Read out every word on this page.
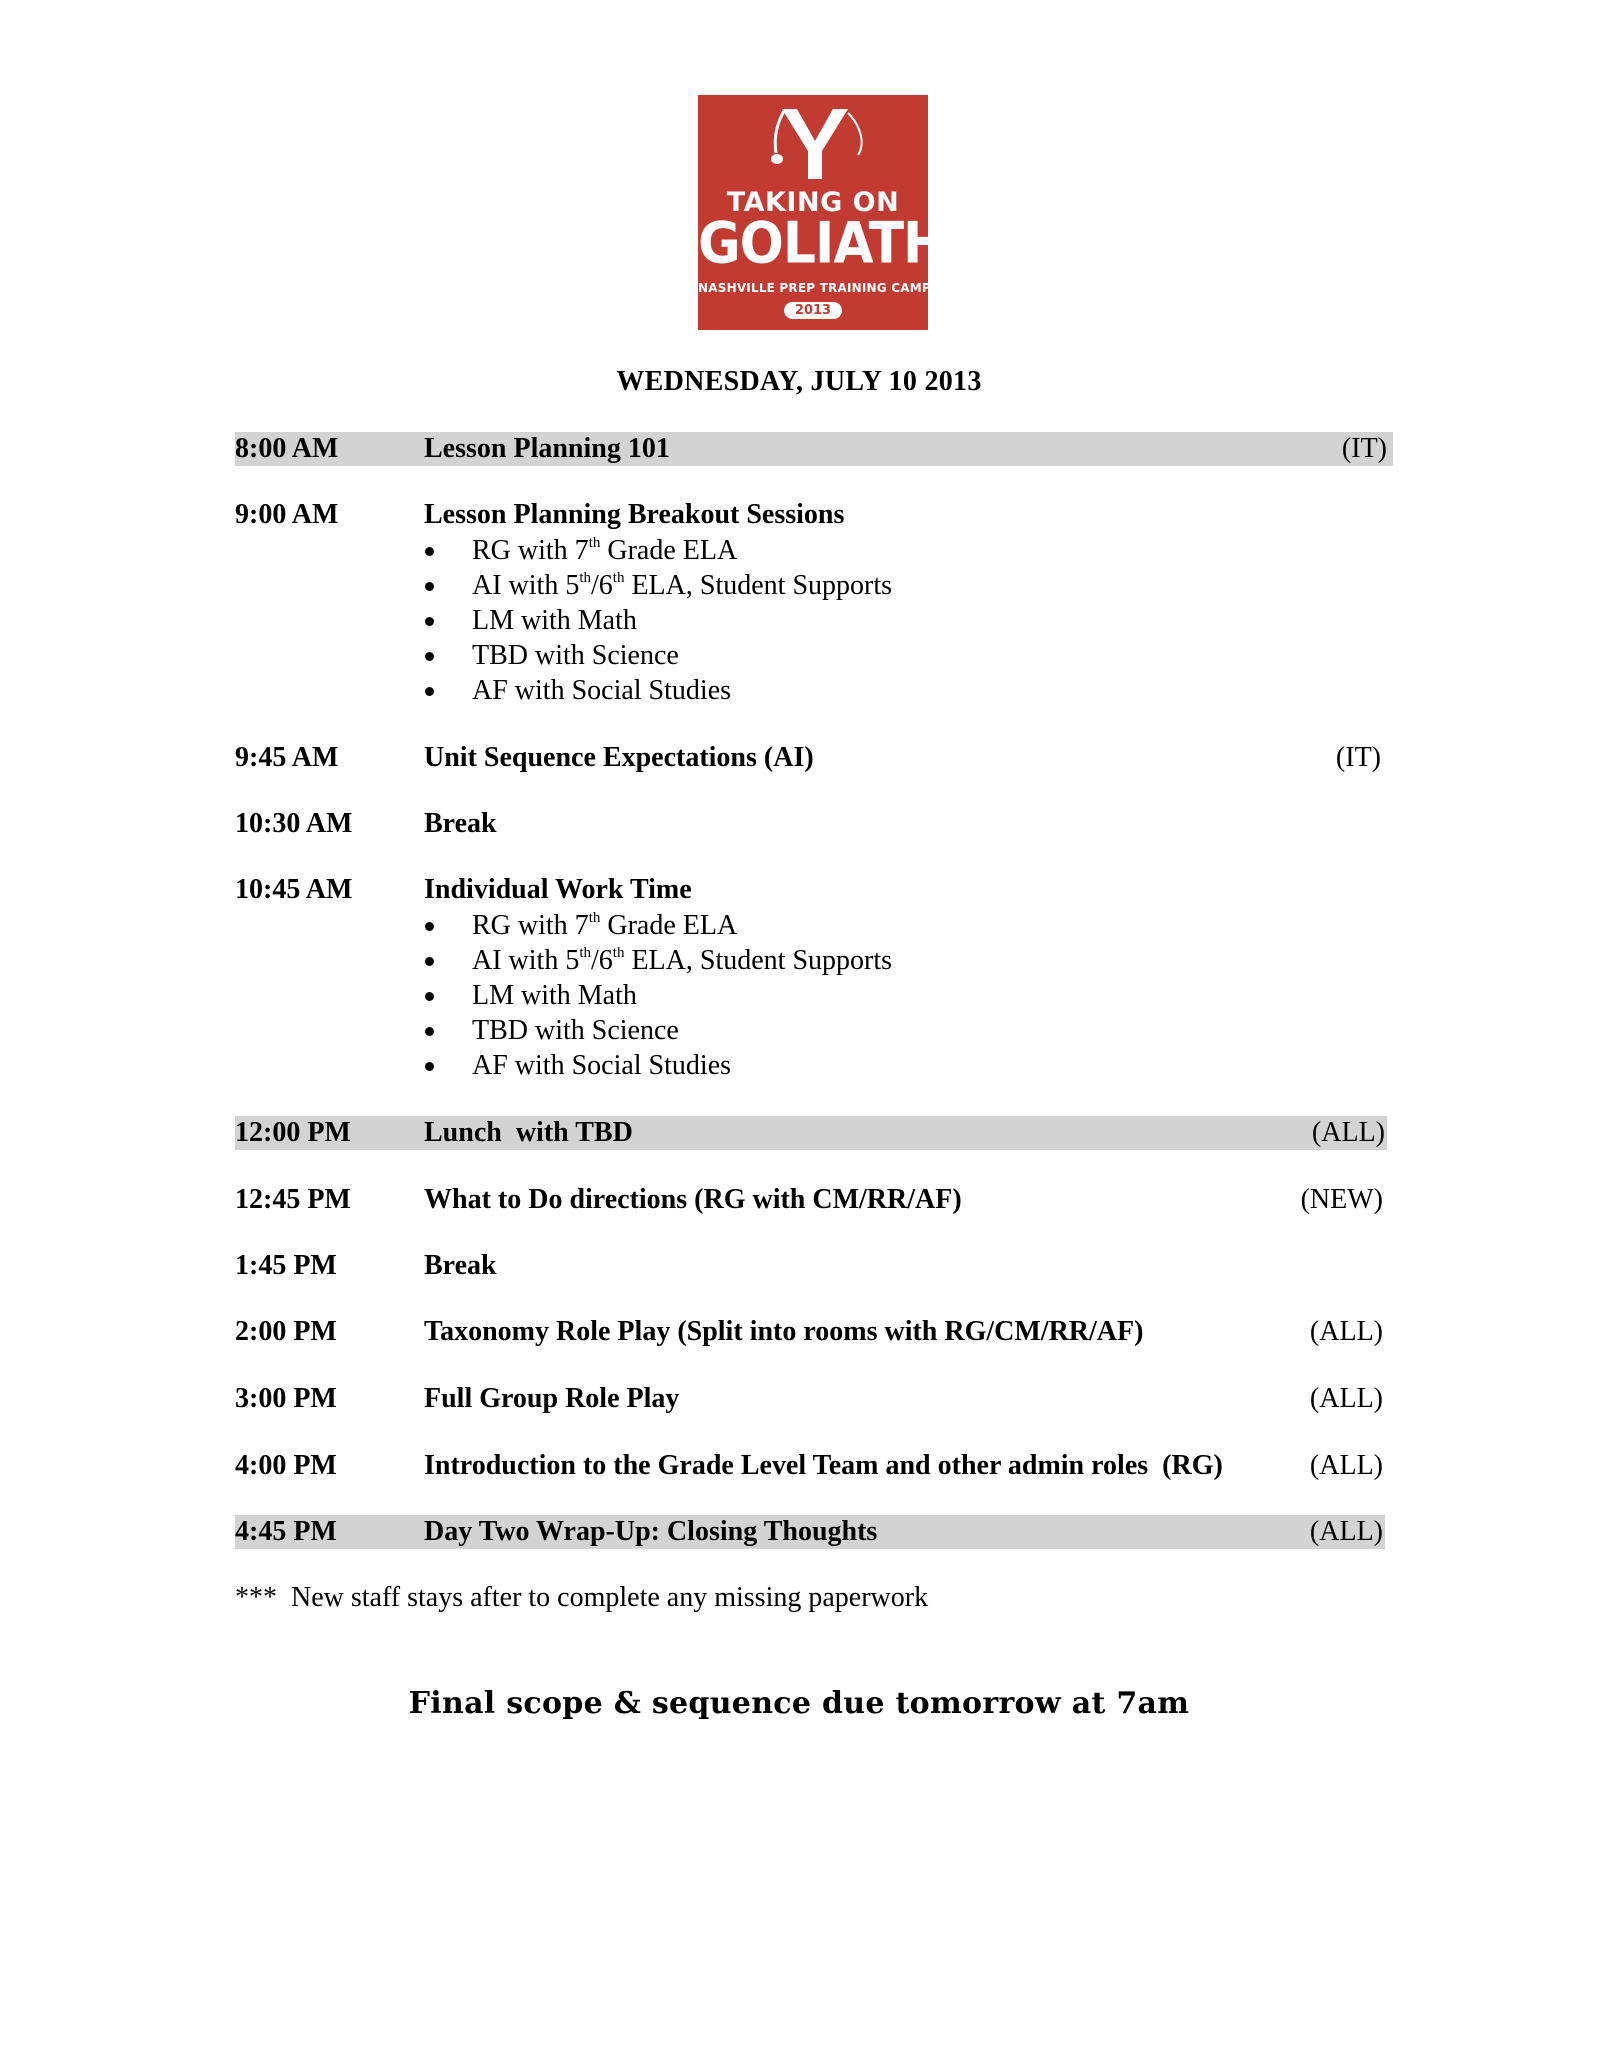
TAKING ON
GOLIATH
NASHVILLE PREP TRAINING CAMP
2013
WEDNESDAY, JULY 10 2013
8:00 AM	Lesson Planning 101	(IT)
9:00 AM	Lesson Planning Breakout Sessions
RG with 7th Grade ELA
AI with 5th/6th ELA, Student Supports
LM with Math
TBD with Science
AF with Social Studies
9:45 AM	Unit Sequence Expectations (AI)	(IT)
10:30 AM	Break
10:45 AM	Individual Work Time
RG with 7th Grade ELA
AI with 5th/6th ELA, Student Supports
LM with Math
TBD with Science
AF with Social Studies
12:00 PM	Lunch  with TBD	(ALL)
12:45 PM	What to Do directions (RG with CM/RR/AF)	(NEW)
1:45 PM	Break
2:00 PM	Taxonomy Role Play (Split into rooms with RG/CM/RR/AF)	(ALL)
3:00 PM	Full Group Role Play	(ALL)
4:00 PM	Introduction to the Grade Level Team and other admin roles  (RG)	(ALL)
4:45 PM	Day Two Wrap-Up: Closing Thoughts	(ALL)
***  New staff stays after to complete any missing paperwork
Final scope & sequence due tomorrow at 7am
